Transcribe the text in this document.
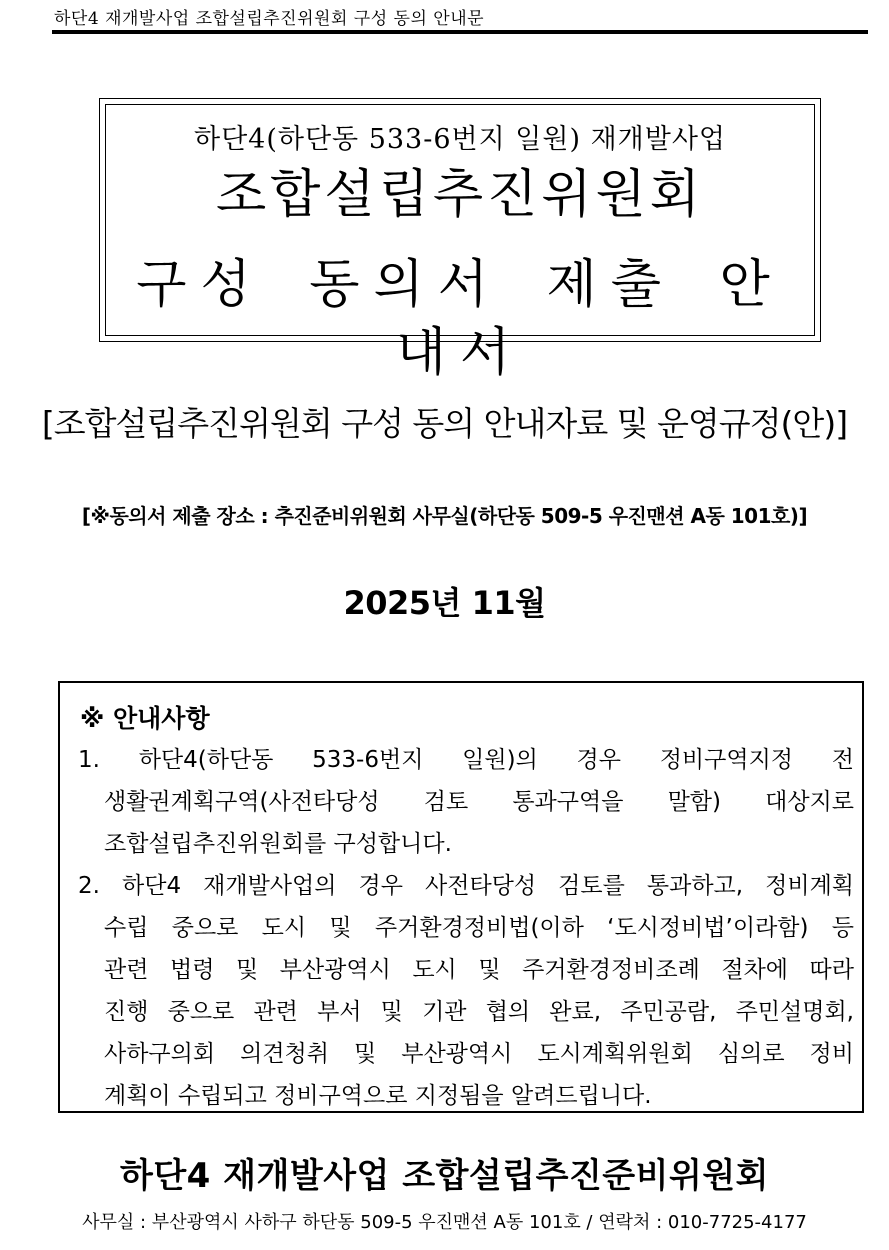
하단4 재개발사업 조합설립추진위원회 구성 동의 안내문
하단4(하단동 533-6번지 일원) 재개발사업
조합설립추진위원회
구성 동의서 제출 안내서
[조합설립추진위원회 구성 동의 안내자료 및 운영규정(안)]
[※동의서 제출 장소 : 추진준비위원회 사무실(하단동 509-5 우진맨션 A동 101호)]
2025년 11월
※ 안내사항
1. 하단4(하단동 533-6번지 일원)의 경우 정비구역지정 전
생활권계획구역(사전타당성 검토 통과구역을 말함) 대상지로
조합설립추진위원회를 구성합니다.
2. 하단4 재개발사업의 경우 사전타당성 검토를 통과하고, 정비계획
수립 중으로 도시 및 주거환경정비법(이하 ‘도시정비법’이라함) 등
관련 법령 및 부산광역시 도시 및 주거환경정비조례 절차에 따라
진행 중으로 관련 부서 및 기관 협의 완료, 주민공람, 주민설명회,
사하구의회 의견청취 및 부산광역시 도시계획위원회 심의로 정비
계획이 수립되고 정비구역으로 지정됨을 알려드립니다.
하단4 재개발사업 조합설립추진준비위원회
사무실 : 부산광역시 사하구 하단동 509-5 우진맨션 A동 101호 / 연락처 : 010-7725-4177
